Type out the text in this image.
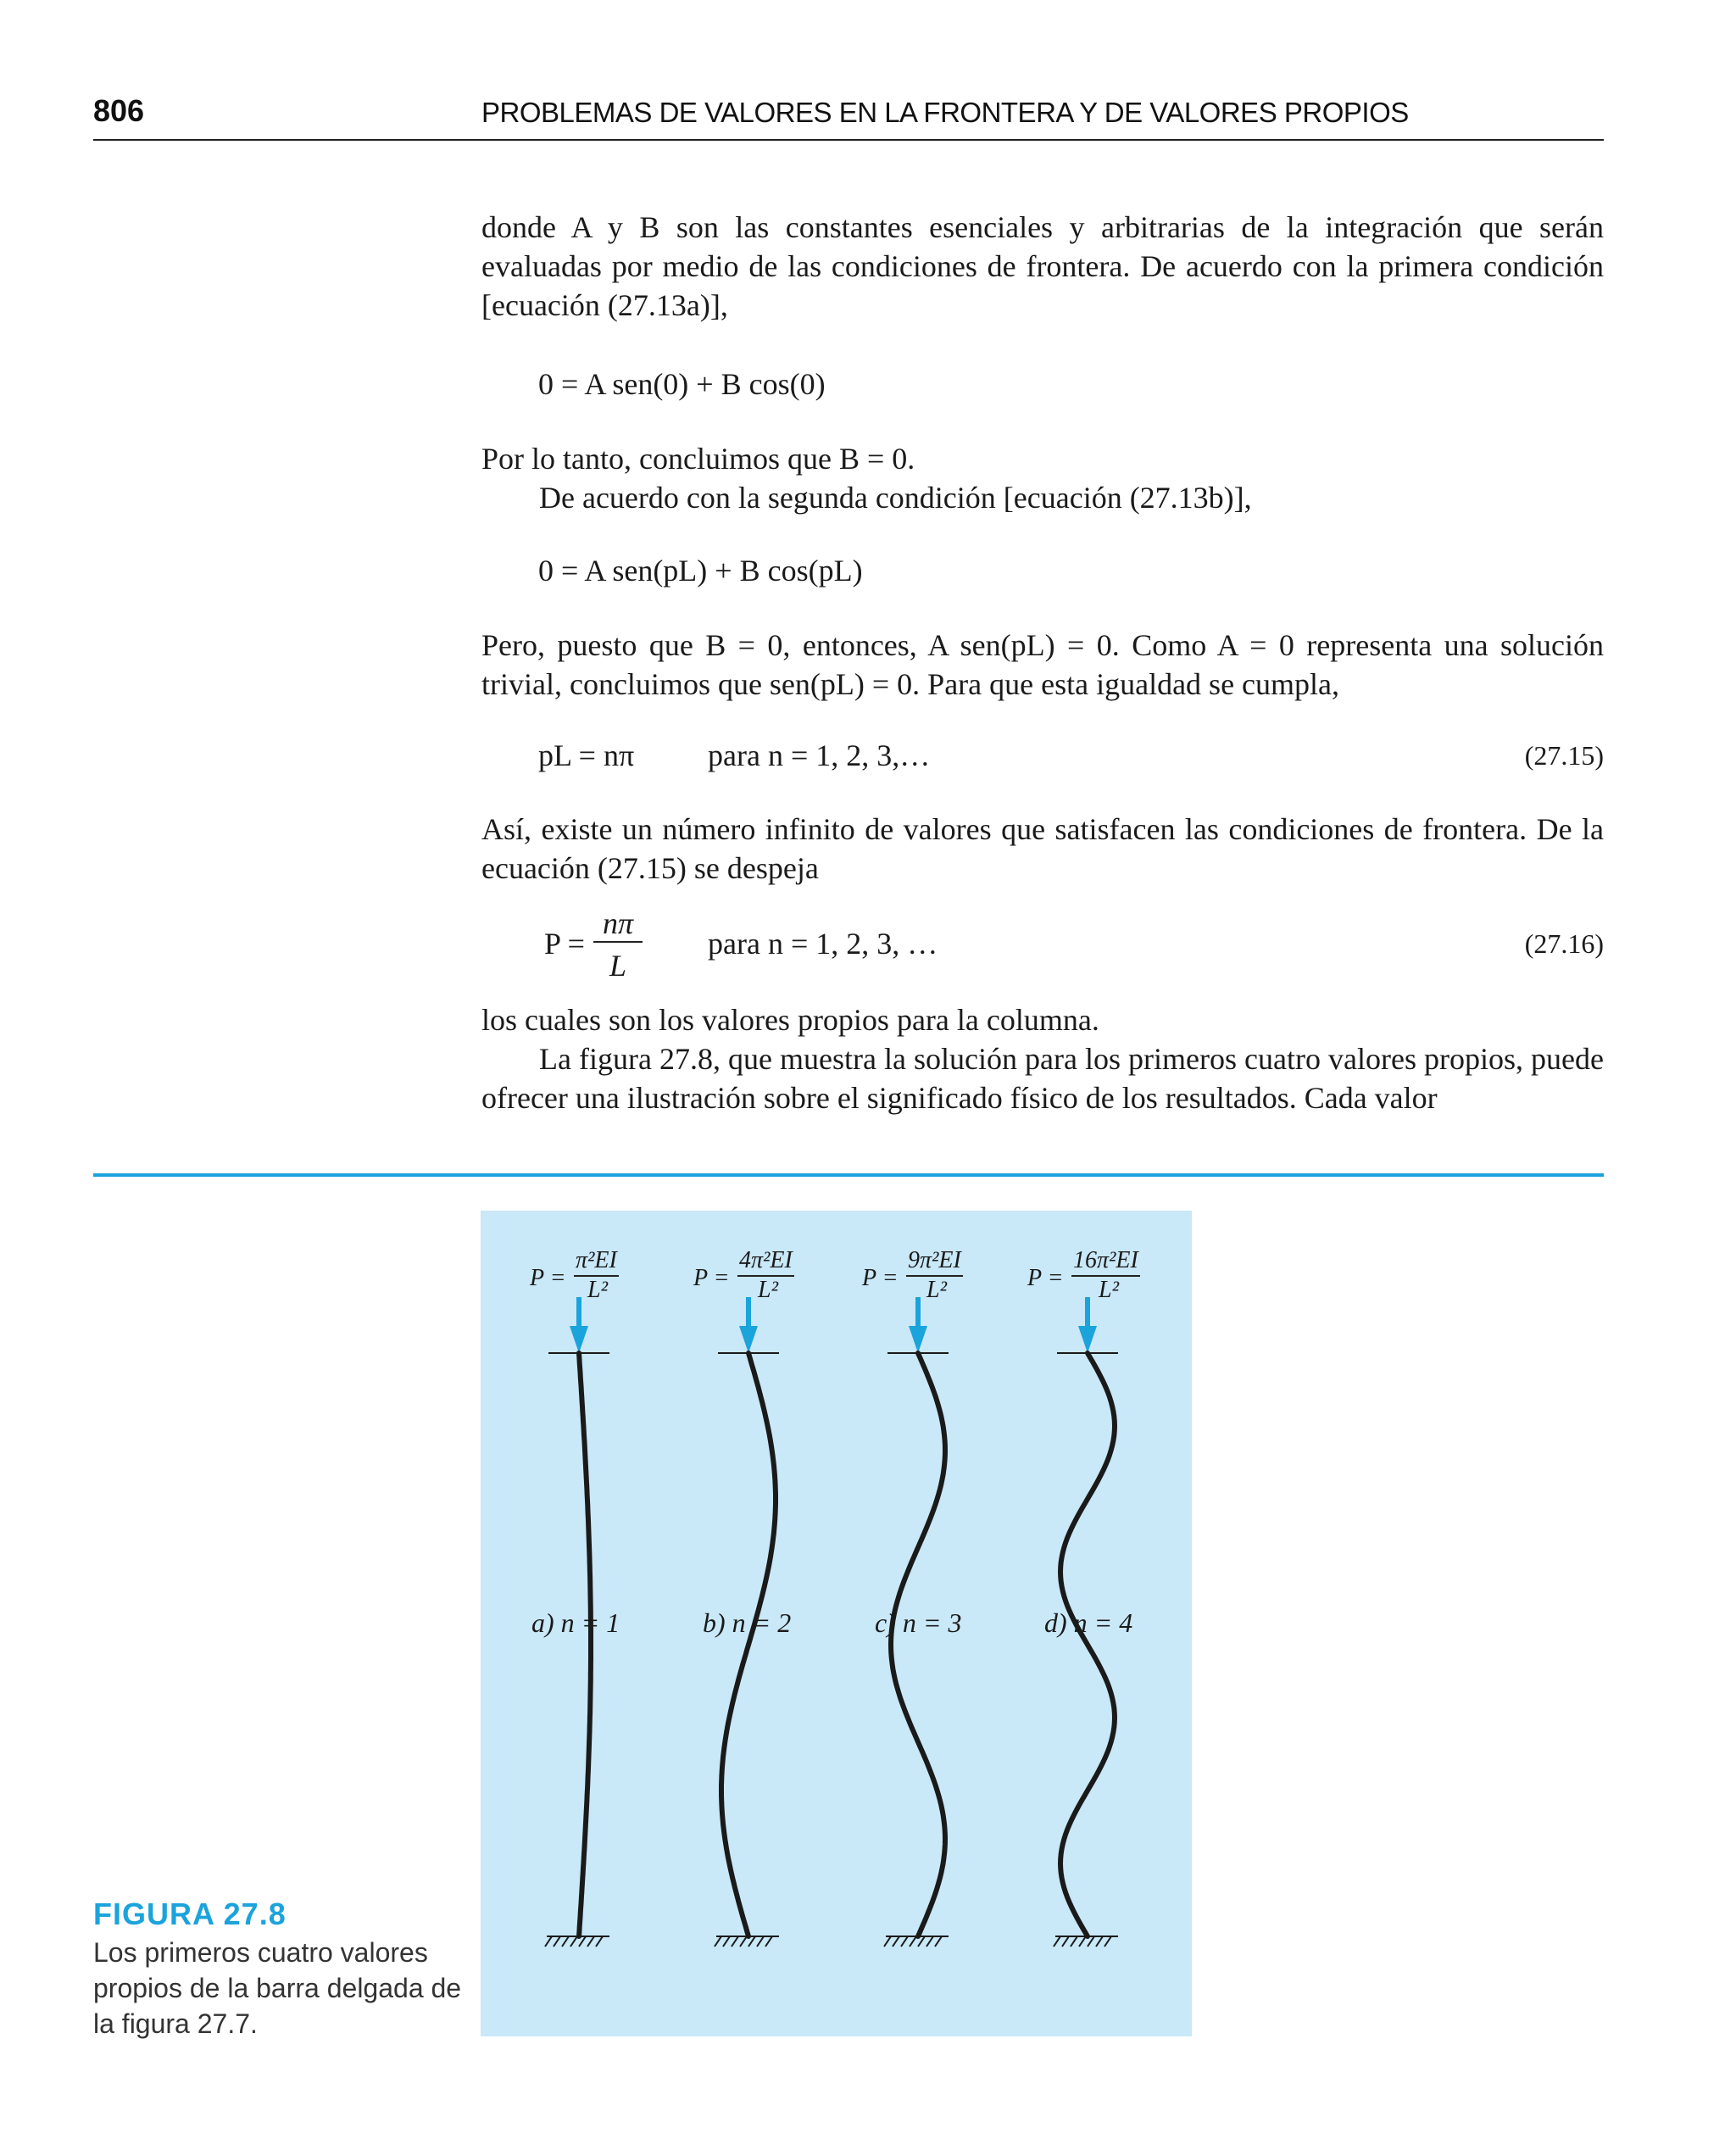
806	PROBLEMAS DE VALORES EN LA FRONTERA Y DE VALORES PROPIOS
donde A y B son las constantes esenciales y arbitrarias de la integración que serán evaluadas por medio de las condiciones de frontera. De acuerdo con la primera condición [ecuación (27.13a)],
0 = A sen(0) + B cos(0)
Por lo tanto, concluimos que B = 0.
De acuerdo con la segunda condición [ecuación (27.13b)],
0 = A sen(pL) + B cos(pL)
Pero, puesto que B = 0, entonces, A sen(pL) = 0. Como A = 0 representa una solución trivial, concluimos que sen(pL) = 0. Para que esta igualdad se cumpla,
pL = nπ para n = 1, 2, 3,…	(27.15)
Así, existe un número infinito de valores que satisfacen las condiciones de frontera. De la ecuación (27.15) se despeja
P =
nπ
L
para n = 1, 2, 3, …	(27.16)
los cuales son los valores propios para la columna.
La figura 27.8, que muestra la solución para los primeros cuatro valores propios, puede ofrecer una ilustración sobre el significado físico de los resultados. Cada valor
FIGURA 27.8
Los primeros cuatro valores propios de la barra delgada de la figura 27.7.
P =
π²EI
L²	P =
4π²EI
L²	P =
9π²EI
L²	P =
16π²EI
L²
a) n = 1	b) n = 2	c) n = 3	d) n = 4
